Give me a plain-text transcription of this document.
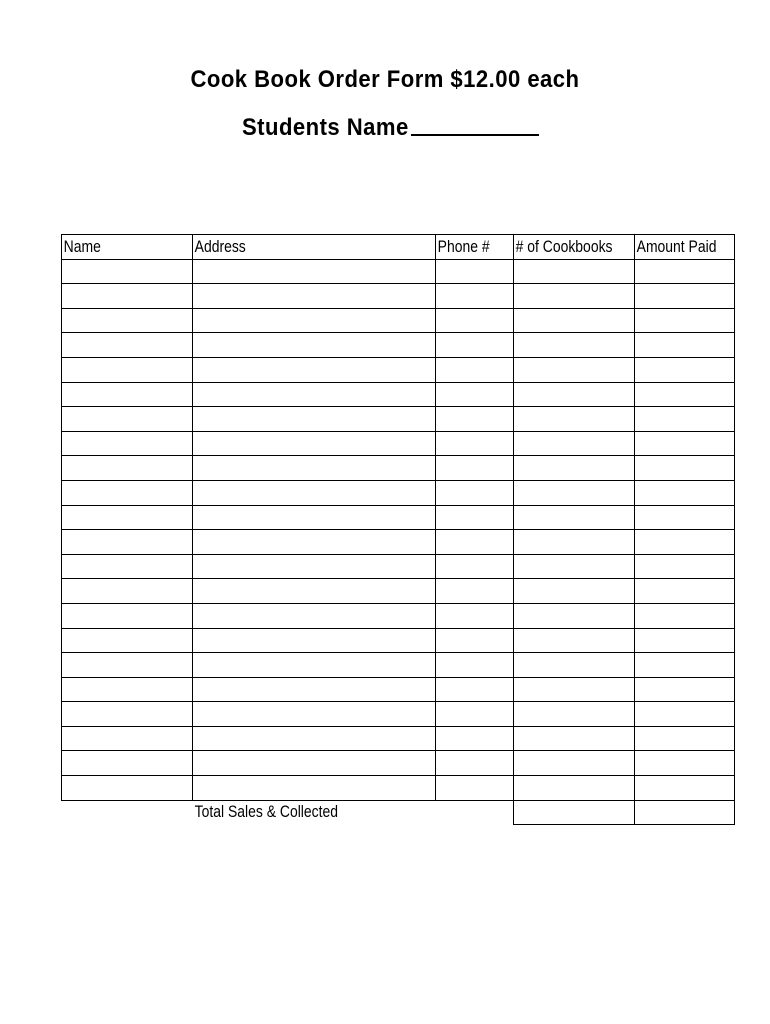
Cook Book Order Form $12.00 each
Students Name
Name	Address	Phone #	# of Cookbooks	Amount Paid

	Total Sales & Collected			
